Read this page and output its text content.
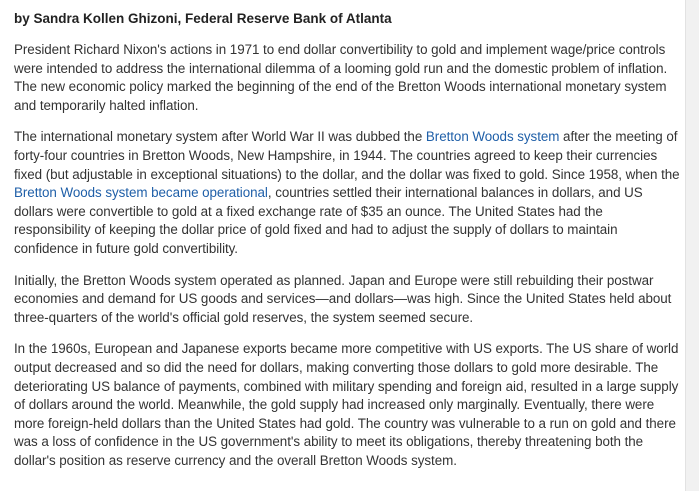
by Sandra Kollen Ghizoni, Federal Reserve Bank of Atlanta

President Richard Nixon's actions in 1971 to end dollar convertibility to gold and implement wage/price controls were intended to address the international dilemma of a looming gold run and the domestic problem of inflation. The new economic policy marked the beginning of the end of the Bretton Woods international monetary system and temporarily halted inflation.

The international monetary system after World War II was dubbed the Bretton Woods system after the meeting of forty-four countries in Bretton Woods, New Hampshire, in 1944. The countries agreed to keep their currencies fixed (but adjustable in exceptional situations) to the dollar, and the dollar was fixed to gold. Since 1958, when the Bretton Woods system became operational, countries settled their international balances in dollars, and US dollars were convertible to gold at a fixed exchange rate of $35 an ounce. The United States had the responsibility of keeping the dollar price of gold fixed and had to adjust the supply of dollars to maintain confidence in future gold convertibility.

Initially, the Bretton Woods system operated as planned. Japan and Europe were still rebuilding their postwar economies and demand for US goods and services—and dollars—was high. Since the United States held about three-quarters of the world's official gold reserves, the system seemed secure.

In the 1960s, European and Japanese exports became more competitive with US exports. The US share of world output decreased and so did the need for dollars, making converting those dollars to gold more desirable. The deteriorating US balance of payments, combined with military spending and foreign aid, resulted in a large supply of dollars around the world. Meanwhile, the gold supply had increased only marginally. Eventually, there were more foreign-held dollars than the United States had gold. The country was vulnerable to a run on gold and there was a loss of confidence in the US government's ability to meet its obligations, thereby threatening both the dollar's position as reserve currency and the overall Bretton Woods system.
